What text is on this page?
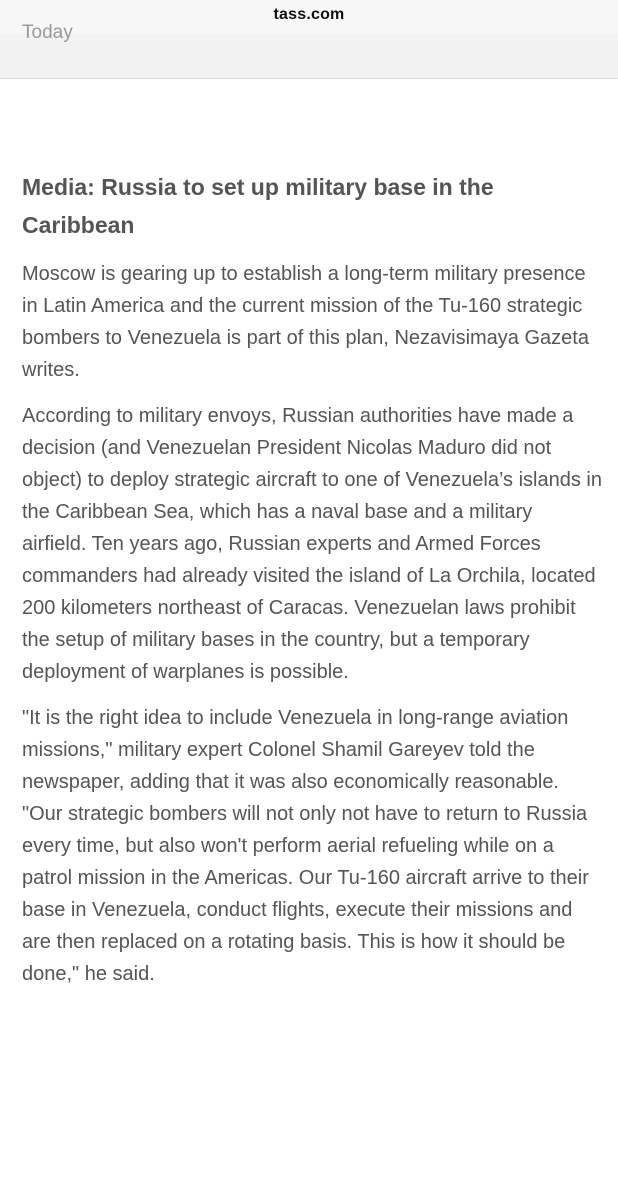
tass.com
Today
Media: Russia to set up military base in the Caribbean

Moscow is gearing up to establish a long-term military presence in Latin America and the current mission of the Tu-160 strategic bombers to Venezuela is part of this plan, Nezavisimaya Gazeta writes.

According to military envoys, Russian authorities have made a decision (and Venezuelan President Nicolas Maduro did not object) to deploy strategic aircraft to one of Venezuela’s islands in the Caribbean Sea, which has a naval base and a military airfield. Ten years ago, Russian experts and Armed Forces commanders had already visited the island of La Orchila, located 200 kilometers northeast of Caracas. Venezuelan laws prohibit the setup of military bases in the country, but a temporary deployment of warplanes is possible.

"It is the right idea to include Venezuela in long-range aviation missions," military expert Colonel Shamil Gareyev told the newspaper, adding that it was also economically reasonable. "Our strategic bombers will not only not have to return to Russia every time, but also won't perform aerial refueling while on a patrol mission in the Americas. Our Tu-160 aircraft arrive to their base in Venezuela, conduct flights, execute their missions and are then replaced on a rotating basis. This is how it should be done," he said.
